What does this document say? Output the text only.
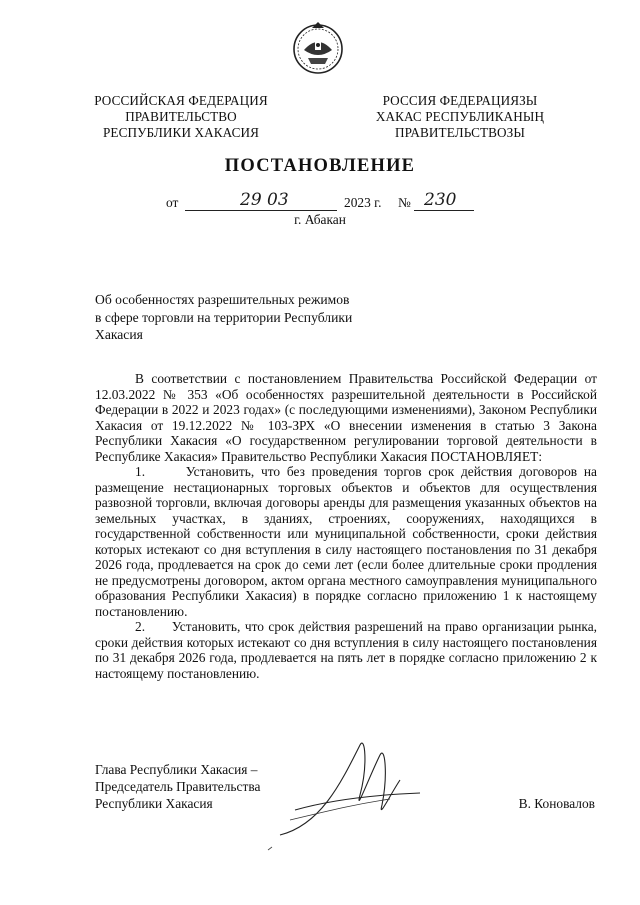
РОССИЙСКАЯ ФЕДЕРАЦИЯ
ПРАВИТЕЛЬСТВО
РЕСПУБЛИКИ ХАКАСИЯ
РОССИЯ ФЕДЕРАЦИЯЗЫ
ХАКАС РЕСПУБЛИКАНЫҢ
ПРАВИТЕЛЬСТВОЗЫ
ПОСТАНОВЛЕНИЕ
от	29 03	2023 г. № 230
г. Абакан
Об особенностях разрешительных режимов
в сфере торговли на территории Республики
Хакасия

В соответствии с постановлением Правительства Российской Федерации от 12.03.2022 № 353 «Об особенностях разрешительной деятельности в Российской Федерации в 2022 и 2023 годах» (с последующими изменениями), Законом Республики Хакасия от 19.12.2022 № 103-ЗРХ «О внесении изменения в статью 3 Закона Республики Хакасия «О государственном регулировании торговой деятельности в Республике Хакасия» Правительство Республики Хакасия ПОСТАНОВЛЯЕТ:

1.      Установить, что без проведения торгов срок действия договоров на размещение нестационарных торговых объектов и объектов для осуществления развозной торговли, включая договоры аренды для размещения указанных объектов на земельных участках, в зданиях, строениях, сооружениях, находящихся в государственной собственности или муниципальной собственности, сроки действия которых истекают со дня вступления в силу настоящего постановления по 31 декабря 2026 года, продлевается на срок до семи лет (если более длительные сроки продления не предусмотрены договором, актом органа местного самоуправления муниципального образования Республики Хакасия) в порядке согласно приложению 1 к настоящему постановлению.

2.      Установить, что срок действия разрешений на право организации рынка, сроки действия которых истекают со дня вступления в силу настоящего постановления по 31 декабря 2026 года, продлевается на пять лет в порядке согласно приложению 2 к настоящему постановлению.

Глава Республики Хакасия –
Председатель Правительства
Республики Хакасия	В. Коновалов
